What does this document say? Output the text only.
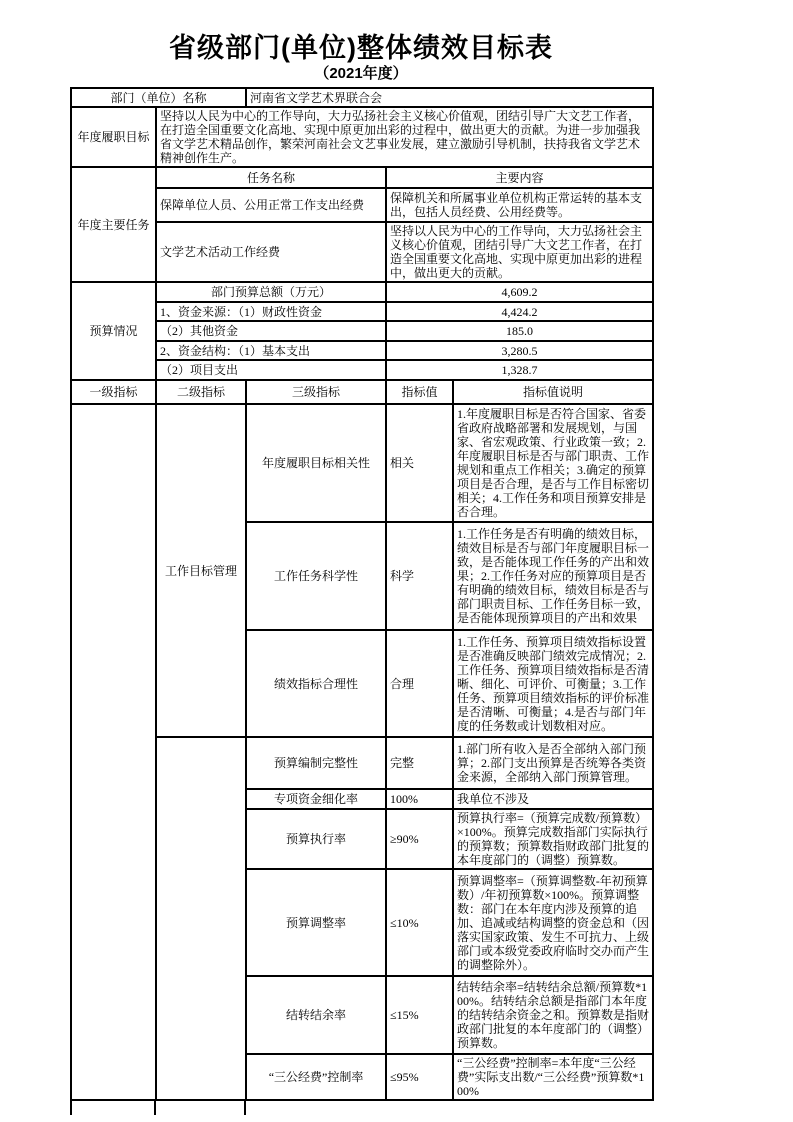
省级部门(单位)整体绩效目标表
（2021年度）
部门（单位）名称		河南省文学艺术界联合会		
年度履职目标	坚持以人民为中心的工作导向，大力弘扬社会主义核心价值观，团结引导广大文艺工作者，在打造全国重要文化高地、实现中原更加出彩的过程中，做出更大的贡献。为进一步加强我省文学艺术精品创作，繁荣河南社会文艺事业发展，建立激励引导机制，扶持我省文学艺术精神创作生产。			
年度主要任务	任务名称		主要内容	
	保障单位人员、公用正常工作支出经费		保障机关和所属事业单位机构正常运转的基本支出，包括人员经费、公用经费等。	
	文学艺术活动工作经费		坚持以人民为中心的工作导向，大力弘扬社会主义核心价值观，团结引导广大文艺工作者，在打造全国重要文化高地、实现中原更加出彩的进程中，做出更大的贡献。	
预算情况	部门预算总额（万元）		4,609.2	
	1、资金来源：（1）财政性资金		4,424.2	
	（2）其他资金		185.0	
	2、资金结构：（1）基本支出		3,280.5	
	（2）项目支出		1,328.7	
一级指标	二级指标	三级指标	指标值	指标值说明
	工作目标管理	年度履职目标相关性	相关	1.年度履职目标是否符合国家、省委省政府战略部署和发展规划，与国家、省宏观政策、行业政策一致；2.年度履职目标是否与部门职责、工作规划和重点工作相关；3.确定的预算项目是否合理，是否与工作目标密切相关；4.工作任务和项目预算安排是否合理。
		工作任务科学性	科学	1.工作任务是否有明确的绩效目标，绩效目标是否与部门年度履职目标一致，是否能体现工作任务的产出和效果；2.工作任务对应的预算项目是否有明确的绩效目标，绩效目标是否与部门职责目标、工作任务目标一致，是否能体现预算项目的产出和效果
		绩效指标合理性	合理	1.工作任务、预算项目绩效指标设置是否准确反映部门绩效完成情况；2.工作任务、预算项目绩效指标是否清晰、细化、可评价、可衡量；3.工作任务、预算项目绩效指标的评价标准是否清晰、可衡量；4.是否与部门年度的任务数或计划数相对应。
		预算编制完整性	完整	1.部门所有收入是否全部纳入部门预算；2.部门支出预算是否统筹各类资金来源，全部纳入部门预算管理。
		专项资金细化率	100%	我单位不涉及
		预算执行率	≥90%	预算执行率=（预算完成数/预算数）×100%。预算完成数指部门实际执行的预算数；预算数指财政部门批复的本年度部门的（调整）预算数。
		预算调整率	≤10%	预算调整率=（预算调整数-年初预算数）/年初预算数×100%。预算调整数：部门在本年度内涉及预算的追加、追减或结构调整的资金总和（因落实国家政策、发生不可抗力、上级部门或本级党委政府临时交办而产生的调整除外）。
		结转结余率	≤15%	结转结余率=结转结余总额/预算数*100%。结转结余总额是指部门本年度的结转结余资金之和。预算数是指财政部门批复的本年度部门的（调整）预算数。
		“三公经费”控制率	≤95%	“三公经费”控制率=本年度“三公经费”实际支出数/“三公经费”预算数*100%
